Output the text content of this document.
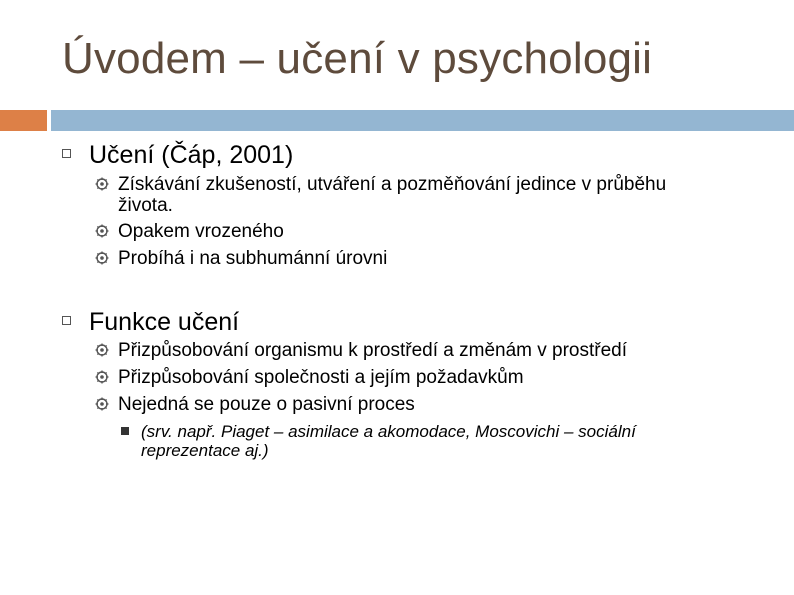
Úvodem – učení v psychologii
Učení (Čáp, 2001)
Získávání zkušeností, utváření a pozměňování jedince v průběhu
života.
Opakem vrozeného
Probíhá i na subhumánní úrovni
Funkce učení
Přizpůsobování organismu k prostředí a změnám v prostředí
Přizpůsobování společnosti a jejím požadavkům
Nejedná se pouze o pasivní proces
(srv. např. Piaget – asimilace a akomodace, Moscovichi – sociální
reprezentace aj.)
